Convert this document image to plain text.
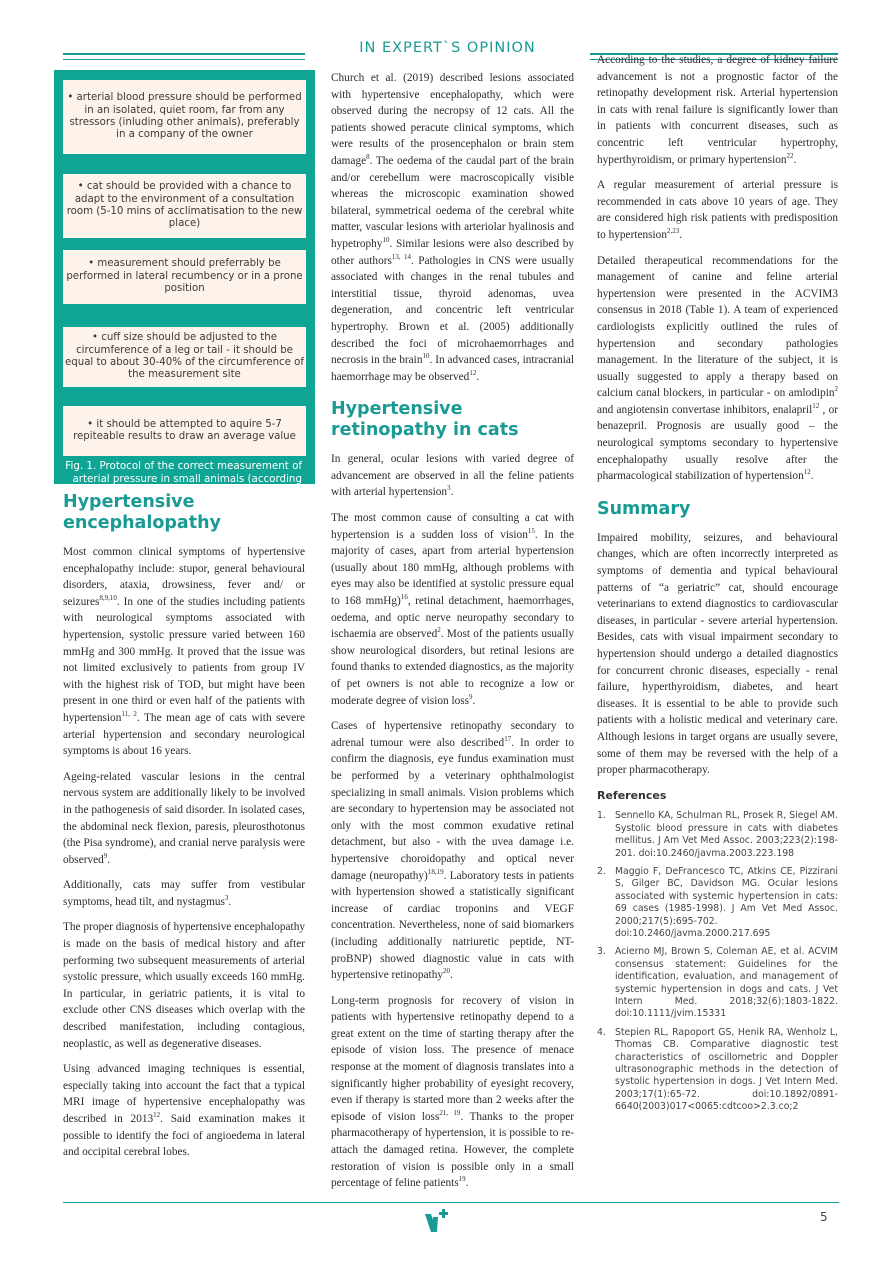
IN EXPERT`S OPINION
• arterial blood pressure should be performed in an isolated, quiet room, far from any stressors (inluding other animals), preferably in a company of the owner
• cat should be provided with a chance to adapt to the environment of a consultation room (5-10 mins of acclimatisation to the new place)
• measurement should preferrably be performed in lateral recumbency or in a prone position
• cuff size should be adjusted to the circumference of a leg or tail - it should be equal to about 30-40% of the circumference of the measurement site
• it should be attempted to aquire 5-7 repiteable results to draw an average value
Fig. 1. Protocol of the correct measurement of arterial pressure in small animals (according to ACVIM consensus, 2018).
Hypertensive encephalopathy

Most common clinical symptoms of hypertensive encephalopathy include: stupor, general behavioural disorders, ataxia, drowsiness, fever and/ or seizures$^{8,9,10}$. In one of the studies including patients with neurological symptoms associated with hypertension, systolic pressure varied between 160 mmHg and 300 mmHg. It proved that the issue was not limited exclusively to patients from group IV with the highest risk of TOD, but might have been present in one third or even half of the patients with hypertension$^{11, 2}$. The mean age of cats with severe arterial hypertension and secondary neurological symptoms is about 16 years.

Ageing-related vascular lesions in the central nervous system are additionally likely to be involved in the pathogenesis of said disorder. In isolated cases, the abdominal neck flexion, paresis, pleurosthotonus (the Pisa syndrome), and cranial nerve paralysis were observed$^9$.

Additionally, cats may suffer from vestibular symptoms, head tilt, and nystagmus$^3$.

The proper diagnosis of hypertensive encephalopathy is made on the basis of medical history and after performing two subsequent measurements of arterial systolic pressure, which usually exceeds 160 mmHg. In particular, in geriatric patients, it is vital to exclude other CNS diseases which overlap with the described manifestation, including contagious, neoplastic, as well as degenerative diseases.

Using advanced imaging techniques is essential, especially taking into account the fact that a typical MRI image of hypertensive encephalopathy was described in 2013$^{12}$. Said examination makes it possible to identify the foci of angioedema in lateral and occipital cerebral lobes.

Church et al. (2019) described lesions associated with hypertensive encephalopathy, which were observed during the necropsy of 12 cats. All the patients showed peracute clinical symptoms, which were results of the prosencephalon or brain stem damage$^8$. The oedema of the caudal part of the brain and/or cerebellum were macroscopically visible whereas the microscopic examination showed bilateral, symmetrical oedema of the cerebral white matter, vascular lesions with arteriolar hyalinosis and hypetrophy$^{10}$. Similar lesions were also described by other authors$^{13, 14}$. Pathologies in CNS were usually associated with changes in the renal tubules and interstitial tissue, thyroid adenomas, uvea degeneration, and concentric left ventricular hypertrophy. Brown et al. (2005) additionally described the foci of microhaemorrhages and necrosis in the brain$^{10}$. In advanced cases, intracranial haemorrhage may be observed$^{12}$.

Hypertensive retinopathy in cats

In general, ocular lesions with varied degree of advancement are observed in all the feline patients with arterial hypertension$^3$.

The most common cause of consulting a cat with hypertension is a sudden loss of vision$^{15}$. In the majority of cases, apart from arterial hypertension (usually about 180 mmHg, although problems with eyes may also be identified at systolic pressure equal to 168 mmHg)$^{16}$, retinal detachment, haemorrhages, oedema, and optic nerve neuropathy secondary to ischaemia are observed$^2$. Most of the patients usually show neurological disorders, but retinal lesions are found thanks to extended diagnostics, as the majority of pet owners is not able to recognize a low or moderate degree of vision loss$^9$.

Cases of hypertensive retinopathy secondary to adrenal tumour were also described$^{17}$. In order to confirm the diagnosis, eye fundus examination must be performed by a veterinary ophthalmologist specializing in small animals. Vision problems which are secondary to hypertension may be associated not only with the most common exudative retinal detachment, but also - with the uvea damage i.e. hypertensive choroidopathy and optical never damage (neuropathy)$^{18,19}$. Laboratory tests in patients with hypertension showed a statistically significant increase of cardiac troponins and VEGF concentration. Nevertheless, none of said biomarkers (including additionally natriuretic peptide, NT-proBNP) showed diagnostic value in cats with hypertensive retinopathy$^{20}$.

Long-term prognosis for recovery of vision in patients with hypertensive retinopathy depend to a great extent on the time of starting therapy after the episode of vision loss. The presence of menace response at the moment of diagnosis translates into a significantly higher probability of eyesight recovery, even if therapy is started more than 2 weeks after the episode of vision loss$^{21, 19}$. Thanks to the proper pharmacotherapy of hypertension, it is possible to re-attach the damaged retina. However, the complete restoration of vision is possible only in a small percentage of feline patients$^{19}$.

According to the studies, a degree of kidney failure advancement is not a prognostic factor of the retinopathy development risk. Arterial hypertension in cats with renal failure is significantly lower than in patients with concurrent diseases, such as concentric left ventricular hypertrophy, hyperthyroidism, or primary hypertension$^{22}$.

A regular measurement of arterial pressure is recommended in cats above 10 years of age. They are considered high risk patients with predisposition to hypertension$^{2,23}$.

Detailed therapeutical recommendations for the management of canine and feline arterial hypertension were presented in the ACVIM3 consensus in 2018 (Table 1). A team of experienced cardiologists explicitly outlined the rules of hypertension and secondary pathologies management. In the literature of the subject, it is usually suggested to apply a therapy based on calcium canal blockers, in particular - on amlodipin$^2$ and angiotensin convertase inhibitors, enalapril$^{12}$ , or benazepril. Prognosis are usually good – the neurological symptoms secondary to hypertensive encephalopathy usually resolve after the pharmacological stabilization of hypertension$^{12}$.

Summary

Impaired mobility, seizures, and behavioural changes, which are often incorrectly interpreted as symptoms of dementia and typical behavioural patterns of “a geriatric” cat, should encourage veterinarians to extend diagnostics to cardiovascular diseases, in particular - severe arterial hypertension. Besides, cats with visual impairment secondary to hypertension should undergo a detailed diagnostics for concurrent chronic diseases, especially - renal failure, hyperthyroidism, diabetes, and heart diseases. It is essential to be able to provide such patients with a holistic medical and veterinary care. Although lesions in target organs are usually severe, some of them may be reversed with the help of a proper pharmacotherapy.

References
1. Sennello KA, Schulman RL, Prosek R, Siegel AM. Systolic blood pressure in cats with diabetes mellitus. J Am Vet Med Assoc. 2003;223(2):198-201. doi:10.2460/javma.2003.223.198
2. Maggio F, DeFrancesco TC, Atkins CE, Pizzirani S, Gilger BC, Davidson MG. Ocular lesions associated with systemic hypertension in cats: 69 cases (1985-1998). J Am Vet Med Assoc. 2000;217(5):695-702. doi:10.2460/javma.2000.217.695
3. Acierno MJ, Brown S, Coleman AE, et al. ACVIM consensus statement: Guidelines for the identification, evaluation, and management of systemic hypertension in dogs and cats. J Vet Intern Med. 2018;32(6):1803-1822. doi:10.1111/jvim.15331
4. Stepien RL, Rapoport GS, Henik RA, Wenholz L, Thomas CB. Comparative diagnostic test characteristics of oscillometric and Doppler ultrasonographic methods in the detection of systolic hypertension in dogs. J Vet Intern Med. 2003;17(1):65-72. doi:10.1892/0891-6640(2003)017<0065:cdtcoo>2.3.co;2
5
